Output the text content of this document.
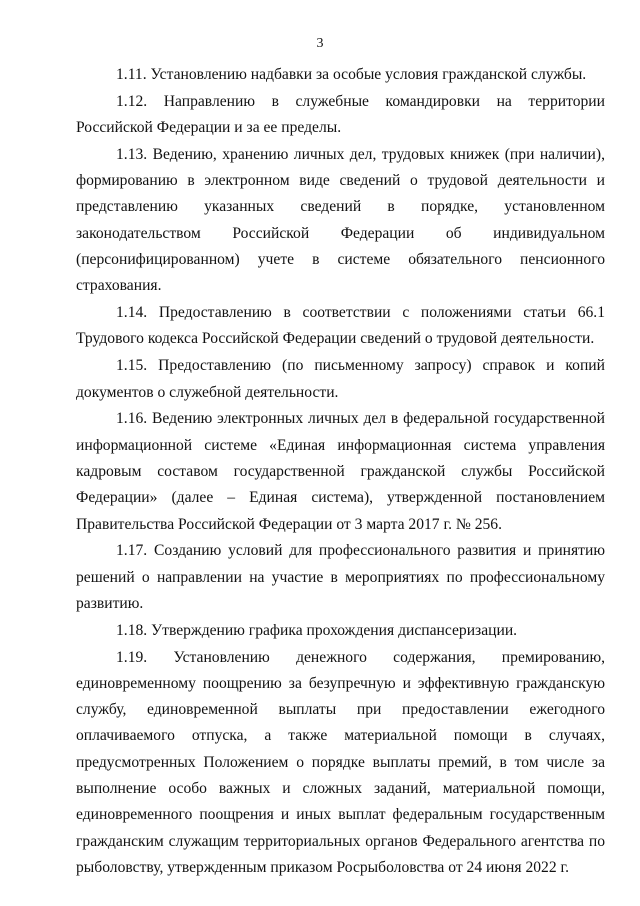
3

1.11. Установлению надбавки за особые условия гражданской службы.

1.12. Направлению в служебные командировки на территории Российской Федерации и за ее пределы.

1.13. Ведению, хранению личных дел, трудовых книжек (при наличии), формированию в электронном виде сведений о трудовой деятельности и представлению указанных сведений в порядке, установленном законодательством Российской Федерации об индивидуальном (персонифицированном) учете в системе обязательного пенсионного страхования.

1.14. Предоставлению в соответствии с положениями статьи 66.1 Трудового кодекса Российской Федерации сведений о трудовой деятельности.

1.15. Предоставлению (по письменному запросу) справок и копий документов о служебной деятельности.

1.16. Ведению электронных личных дел в федеральной государственной информационной системе «Единая информационная система управления кадровым составом государственной гражданской службы Российской Федерации» (далее – Единая система), утвержденной постановлением Правительства Российской Федерации от 3 марта 2017 г. № 256.

1.17. Созданию условий для профессионального развития и принятию решений о направлении на участие в мероприятиях по профессиональному развитию.

1.18. Утверждению графика прохождения диспансеризации.

1.19. Установлению денежного содержания, премированию, единовременному поощрению за безупречную и эффективную гражданскую службу, единовременной выплаты при предоставлении ежегодного оплачиваемого отпуска, а также материальной помощи в случаях, предусмотренных Положением о порядке выплаты премий, в том числе за выполнение особо важных и сложных заданий, материальной помощи, единовременного поощрения и иных выплат федеральным государственным гражданским служащим территориальных органов Федерального агентства по рыболовству, утвержденным приказом Росрыболовства от 24 июня 2022 г.
